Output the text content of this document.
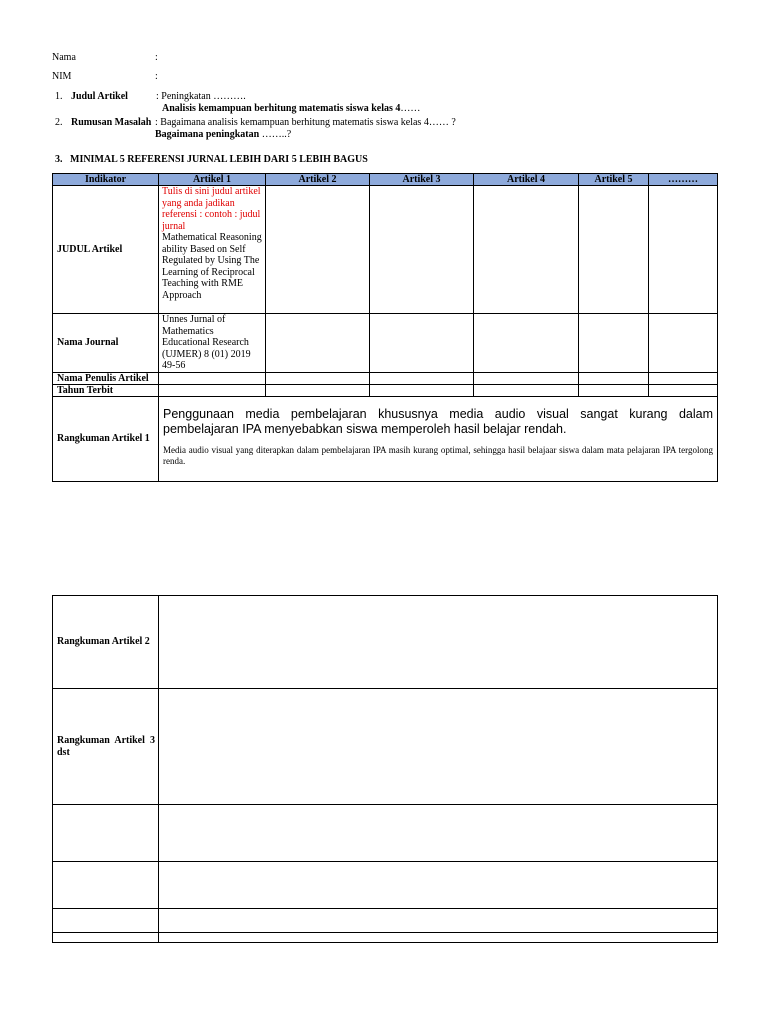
Nama	:
NIM	:
1. Judul Artikel	: Peningkatan ……….
Analisis kemampuan berhitung matematis siswa kelas 4……
2. Rumusan Masalah : Bagaimana analisis kemampuan berhitung matematis siswa kelas 4…… ?
Bagaimana peningkatan ……..?
3.   MINIMAL 5 REFERENSI JURNAL LEBIH DARI 5 LEBIH BAGUS
Indikator	Artikel 1	Artikel 2	Artikel 3	Artikel 4	Artikel 5	………
JUDUL Artikel	Tulis di sini judul artikel yang anda jadikan referensi : contoh : judul jurnal
Mathematical Reasoning ability Based on Self Regulated by Using The Learning of Reciprocal Teaching with RME Approach					
Nama Journal	Unnes Jurnal of Mathematics Educational Research (UJMER) 8 (01) 2019 49-56					
Nama Penulis Artikel						
Tahun Terbit						
Rangkuman Artikel 1	Penggunaan media pembelajaran khususnya media audio visual sangat kurang dalam pembelajaran IPA menyebabkan siswa memperoleh hasil belajar rendah.
Media audio visual yang diterapkan dalam pembelajaran IPA masih kurang optimal, sehingga hasil belajaar siswa dalam mata pelajaran IPA tergolong renda.					
Rangkuman Artikel 2	
Rangkuman Artikel 3 dst	
